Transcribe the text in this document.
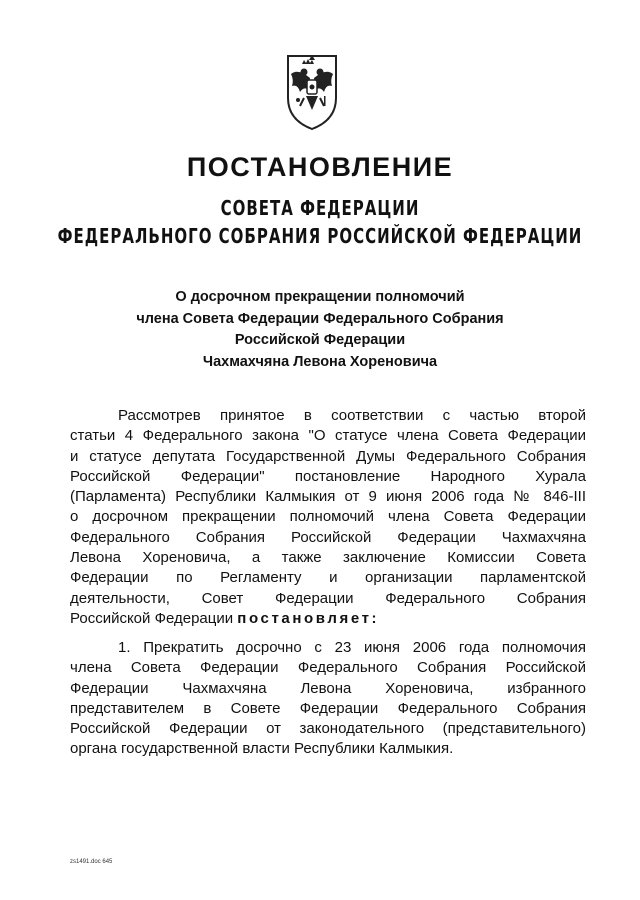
ПОСТАНОВЛЕНИЕ
СОВЕТА ФЕДЕРАЦИИ
ФЕДЕРАЛЬНОГО СОБРАНИЯ РОССИЙСКОЙ ФЕДЕРАЦИИ
О досрочном прекращении полномочий
члена Совета Федерации Федерального Собрания
Российской Федерации
Чахмахчяна Левона Хореновича
Рассмотрев принятое в соответствии с частью второй
статьи 4 Федерального закона "О статусе члена Совета Федерации
и статусе депутата Государственной Думы Федерального Собрания
Российской Федерации" постановление Народного Хурала
(Парламента) Республики Калмыкия от 9 июня 2006 года № 846-III
о досрочном прекращении полномочий члена Совета Федерации
Федерального Собрания Российской Федерации Чахмахчяна
Левона Хореновича, а также заключение Комиссии Совета
Федерации по Регламенту и организации парламентской
деятельности, Совет Федерации Федерального Собрания
Российской Федерации постановляет:
1. Прекратить досрочно с 23 июня 2006 года полномочия
члена Совета Федерации Федерального Собрания Российской
Федерации Чахмахчяна Левона Хореновича, избранного
представителем в Совете Федерации Федерального Собрания
Российской Федерации от законодательного (представительного)
органа государственной власти Республики Калмыкия.
zs1491.doc 645
